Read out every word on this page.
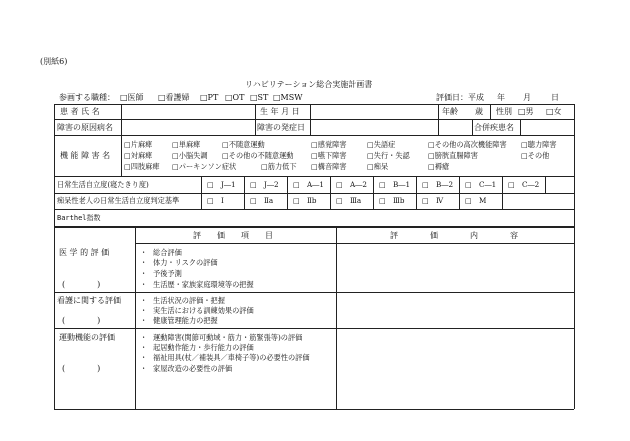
(別紙6)
リハビリテーション総合実施計画書
参画する職種： □医師 □看護婦 □PT □OT □ST □MSW	評価日：平成 年 月	日
患 者 氏 名	生 年 月 日	年齢 歳 性別 □男 □女
障害の原因病名	障害の発症日	合併疾患名
機 能 障 害 名
□片麻痺	□単麻痺	□不随意運動	□感覚障害	□失語症	□その他の高次機能障害 □聴力障害
□対麻痺	□小脳失調 □その他の不随意運動 □嚥下障害	□失行・失認	□膀胱直腸障害	□その他
□四肢麻痺 □パーキンソン症状	□筋力低下 □構音障害	□痴呆	□褥瘡
日常生活自立度(寝たきり度)	□　J―1 □　J―2 □　A―1 □　A―2 □　B―1 □　B―2 □　C―1 □　C―2
痴呆性老人の日常生活自立度判定基準	□　Ⅰ	□　Ⅱa	□　Ⅱb	□　Ⅲa □　Ⅲb □　Ⅳ	□　M
Barthel指数
評　　価　　項　　目	評　　　　価　　　　内　　　　容
医 学 的 評 価
(　　　　)
・ 総合評価
・ 体力・リスクの評価
・ 予後予測
・ 生活歴・家族家庭環境等の把握
看護に関する評価
(　　　　)
・ 生活状況の評価・把握
・ 実生活における訓練効果の評価
・ 健康管理能力の把握
運動機能の評価
(　　　　)
・ 運動障害(関節可動域・筋力・筋緊張等)の評価
・ 起居動作能力・歩行能力の評価
・ 福祉用具(杖／補装具／車椅子等)の必要性の評価
・ 家屋改造の必要性の評価
